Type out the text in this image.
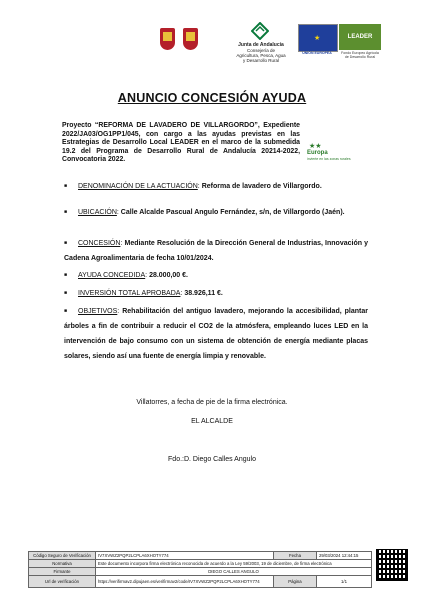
Junta de Andalucía
Consejería de Agricultura, Pesca, Agua y Desarrollo Rural
★
UNIÓN EUROPEA
LEADER
Fondo Europeo Agrícola de Desarrollo Rural
ANUNCIO CONCESIÓN AYUDA
Proyecto “REFORMA DE LAVADERO DE VILLARGORDO”, Expediente 2022/JA03/OG1PP1/045, con cargo a las ayudas previstas en las Estrategias de Desarrollo Local LEADER en el marco de la submedida 19.2 del Programa de Desarrollo Rural de Andalucía 20214-2022, Convocatoria 2022.
★★
Europa
invierte en las zonas rurales
■	DENOMINACIÓN DE LA ACTUACIÓN: Reforma de lavadero de Villargordo.
■	UBICACIÓN: Calle Alcalde Pascual Angulo Fernández, s/n, de Villargordo (Jaén).
■	CONCESIÓN: Mediante Resolución de la Dirección General de Industrias, Innovación y Cadena Agroalimentaria de fecha 10/01/2024.
■	AYUDA CONCEDIDA: 28.000,00 €.
■	INVERSIÓN TOTAL APROBADA: 38.926,11 €.
■	OBJETIVOS: Rehabilitación del antiguo lavadero, mejorando la accesibilidad, plantar árboles a fin de contribuir a reducir el CO2 de la atmósfera, empleando luces LED en la intervención de bajo consumo con un sistema de obtención de energía mediante placas solares, siendo así una fuente de energía limpia y renovable.
Villatorres, a fecha de pie de la firma electrónica.
EL ALCALDE
Fdo.:D. Diego Calles Angulo
Código Seguro de Verificación	IV7XVWZ2PQP2LCPLA6XHOTY774	Fecha	29/03/2024 12:44:15
Normativa	Este documento incorpora firma electrónica reconocida de acuerdo a la Ley 59/2003, 19 de diciembre, de firma electrónica		
Firmante	DIEGO CALLES ANGULO		
Url de verificación	https://verifirmav2.dipujaen.es/verifirmav2/code/IV7XVWZ2PQP2LCPLA6XHOTY774	Página	1/1
